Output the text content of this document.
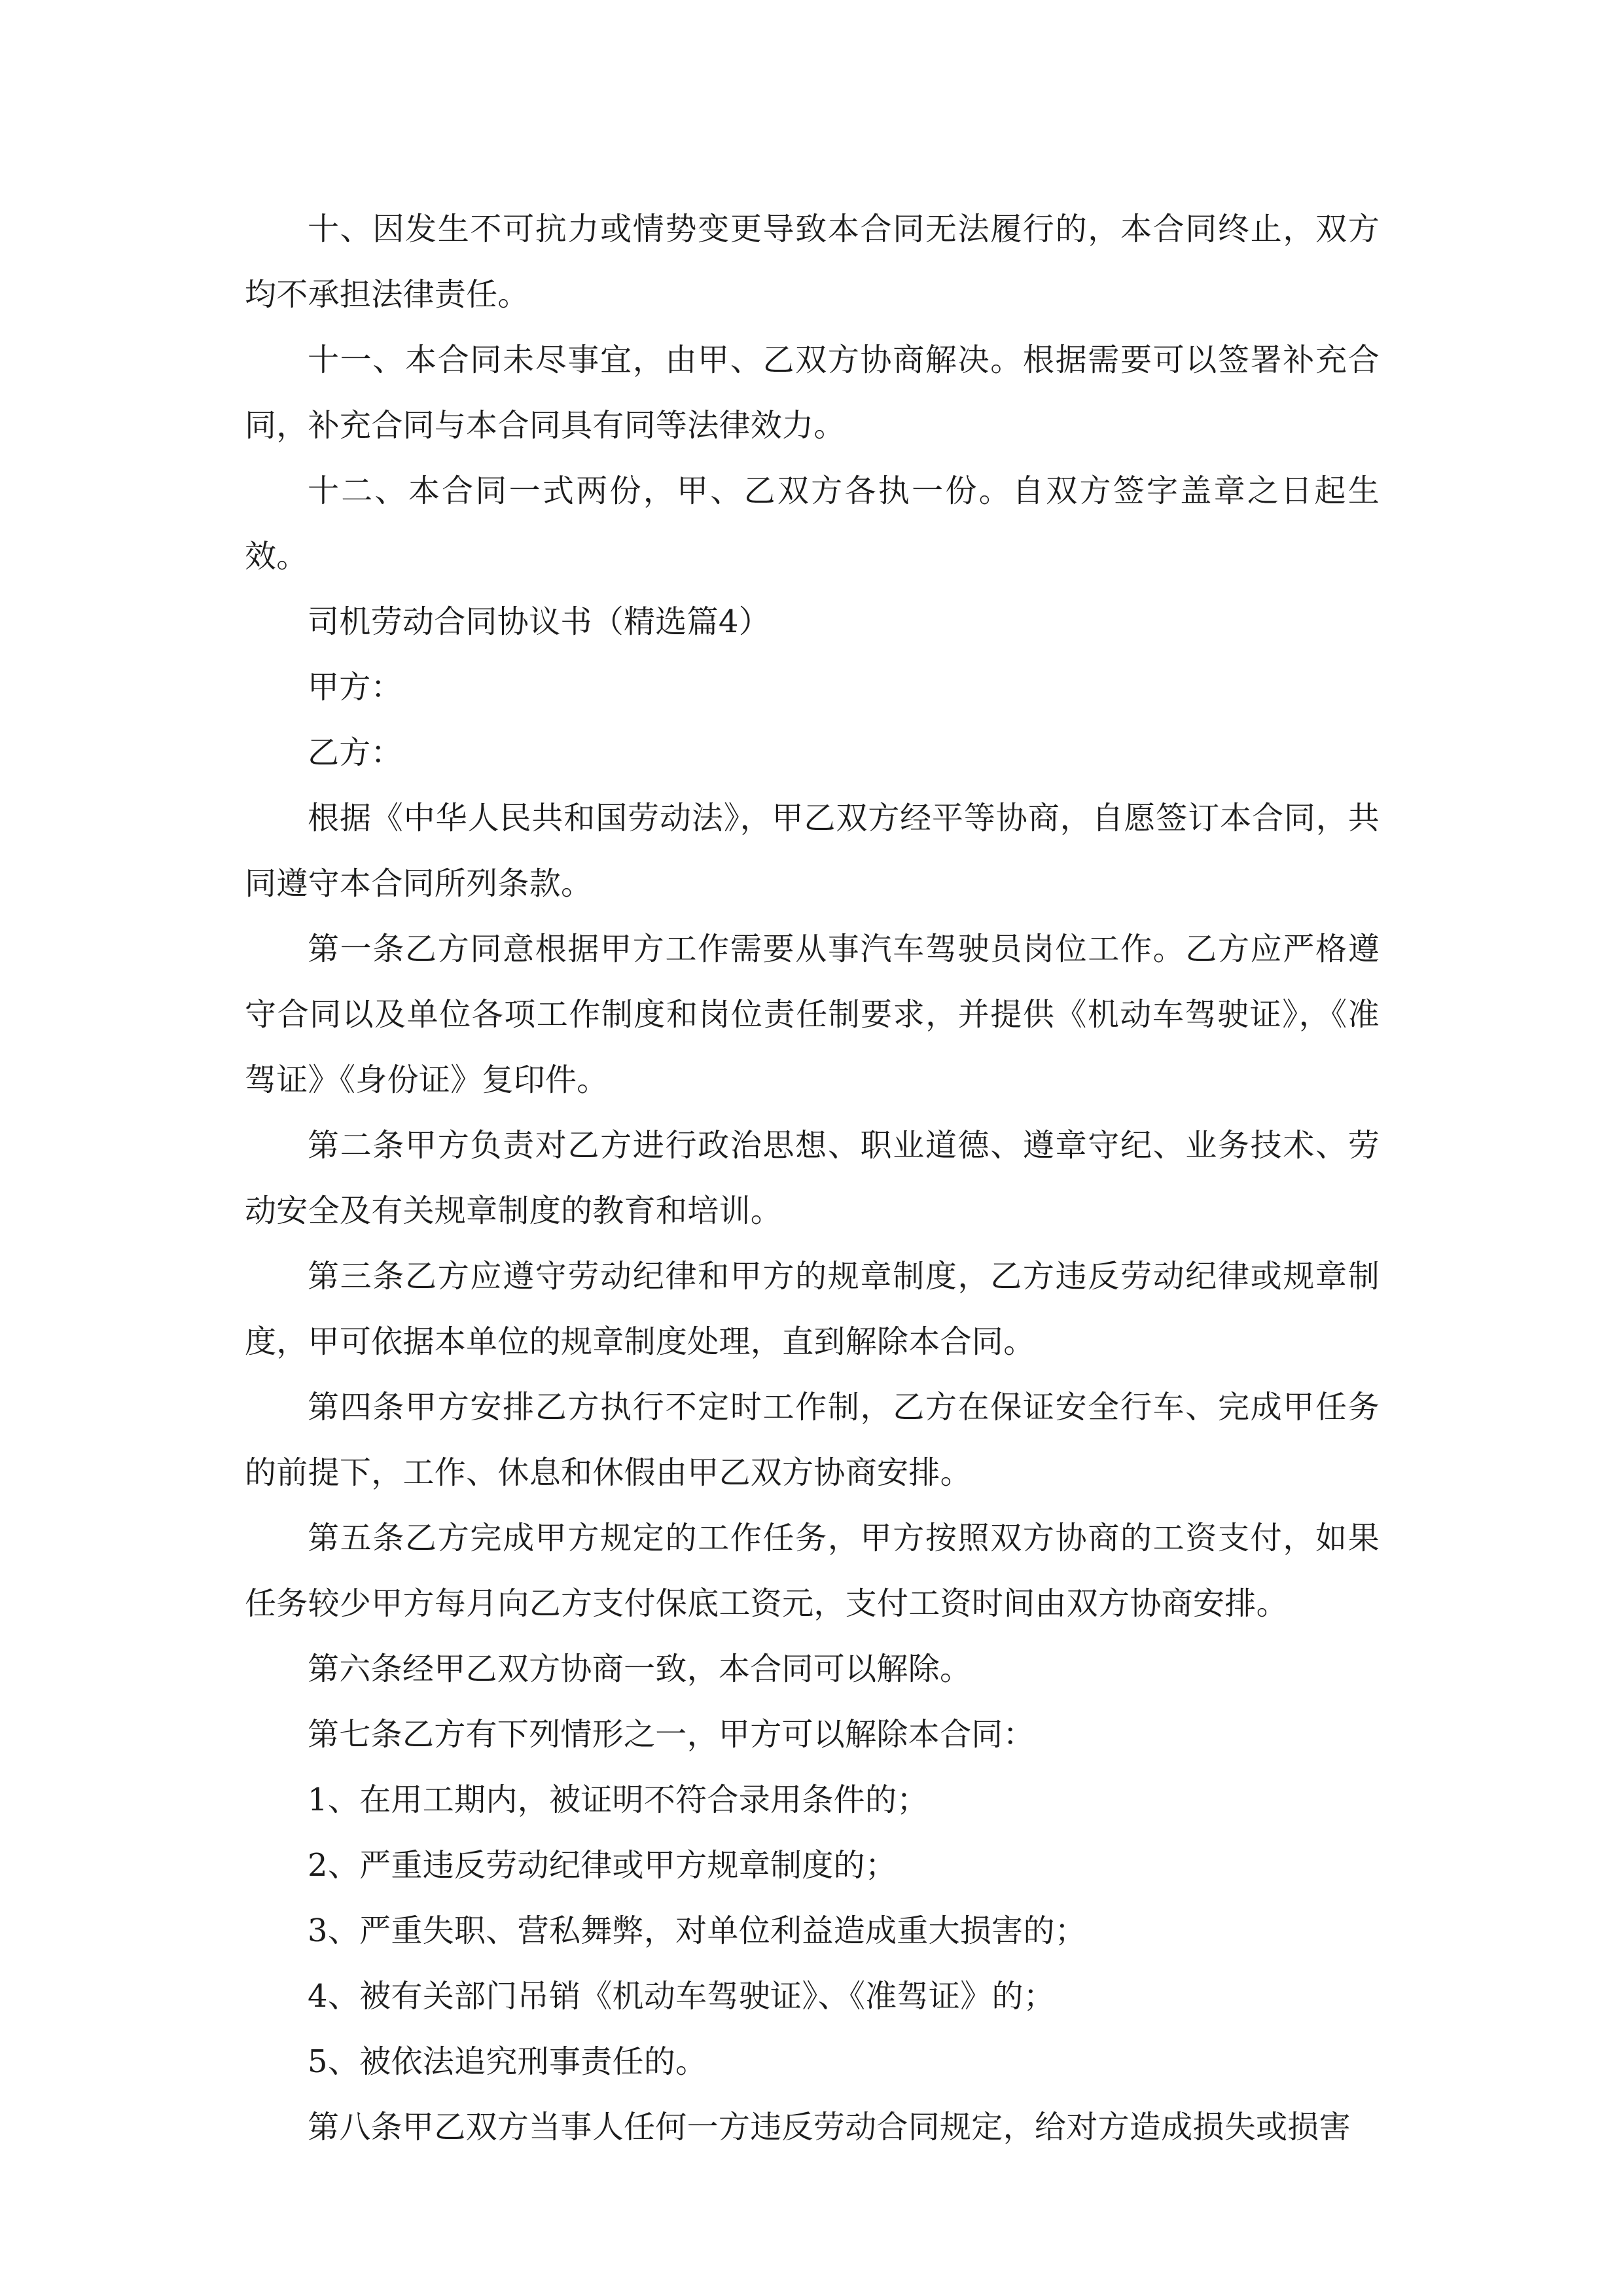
十、因发生不可抗力或情势变更导致本合同无法履行的，本合同终止，双方均不承担法律责任。

十一、本合同未尽事宜，由甲、乙双方协商解决。根据需要可以签署补充合同，补充合同与本合同具有同等法律效力。

十二、本合同一式两份，甲、乙双方各执一份。自双方签字盖章之日起生效。

司机劳动合同协议书（精选篇4）

甲方：

乙方：

根据《中华人民共和国劳动法》，甲乙双方经平等协商，自愿签订本合同，共同遵守本合同所列条款。

第一条乙方同意根据甲方工作需要从事汽车驾驶员岗位工作。乙方应严格遵守合同以及单位各项工作制度和岗位责任制要求，并提供《机动车驾驶证》，《准驾证》《身份证》复印件。

第二条甲方负责对乙方进行政治思想、职业道德、遵章守纪、业务技术、劳动安全及有关规章制度的教育和培训。

第三条乙方应遵守劳动纪律和甲方的规章制度，乙方违反劳动纪律或规章制度，甲可依据本单位的规章制度处理，直到解除本合同。

第四条甲方安排乙方执行不定时工作制，乙方在保证安全行车、完成甲任务的前提下，工作、休息和休假由甲乙双方协商安排。

第五条乙方完成甲方规定的工作任务，甲方按照双方协商的工资支付，如果任务较少甲方每月向乙方支付保底工资元，支付工资时间由双方协商安排。

第六条经甲乙双方协商一致，本合同可以解除。

第七条乙方有下列情形之一，甲方可以解除本合同：

1、在用工期内，被证明不符合录用条件的；

2、严重违反劳动纪律或甲方规章制度的；

3、严重失职、营私舞弊，对单位利益造成重大损害的；

4、被有关部门吊销《机动车驾驶证》、《准驾证》的；

5、被依法追究刑事责任的。

第八条甲乙双方当事人任何一方违反劳动合同规定，给对方造成损失或损害
